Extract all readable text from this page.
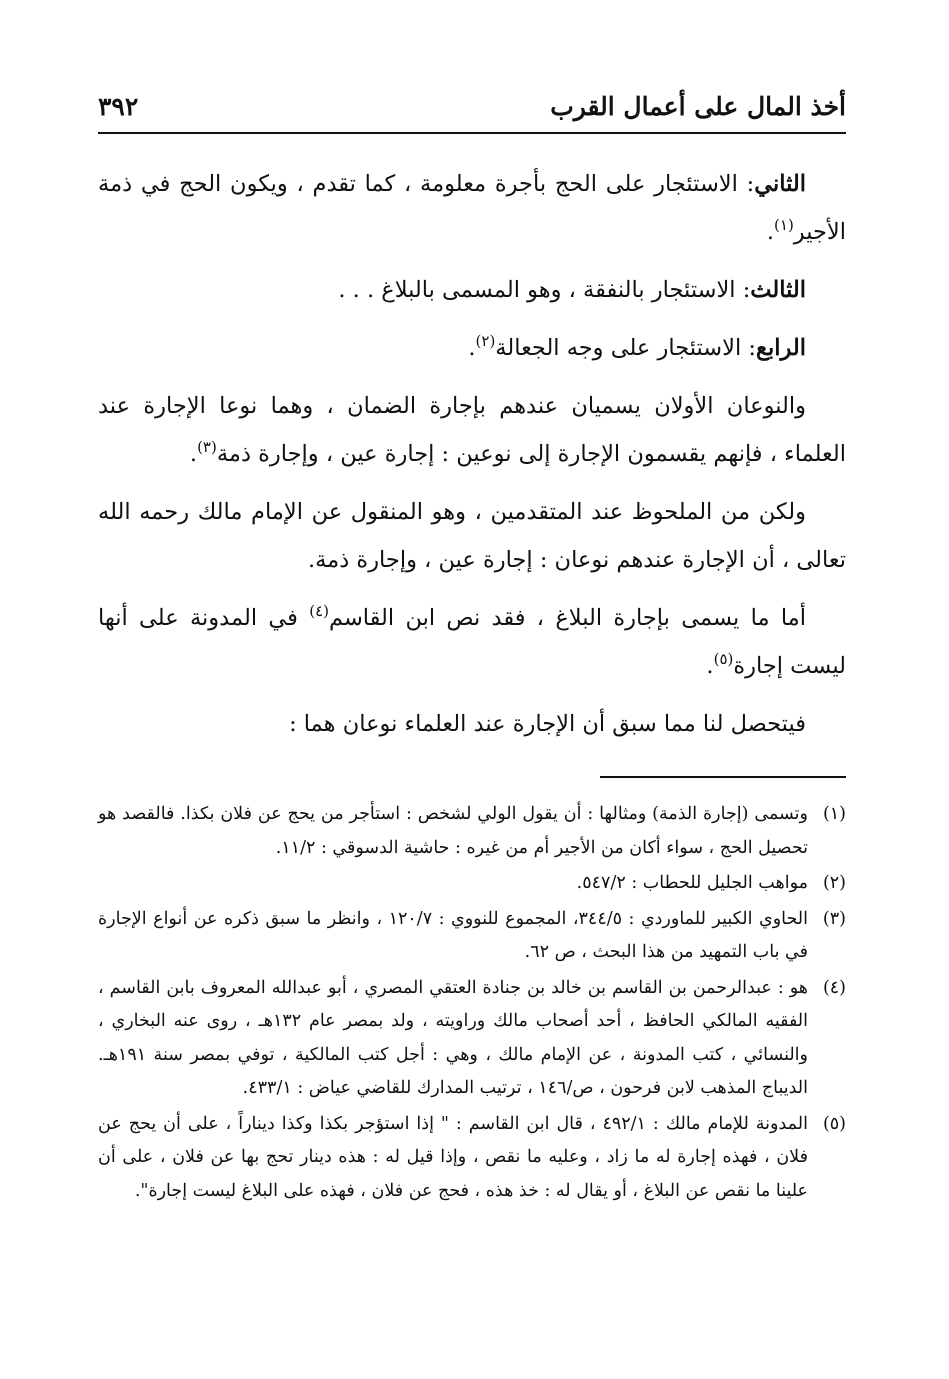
أخذ المال على أعمال القرب
٣٩٢

الثاني: الاستئجار على الحج بأجرة معلومة ، كما تقدم ، ويكون الحج في ذمة الأجير$^{(١)}$.

الثالث: الاستئجار بالنفقة ، وهو المسمى بالبلاغ . . .

الرابع: الاستئجار على وجه الجعالة$^{(٢)}$.

والنوعان الأولان يسميان عندهم بإجارة الضمان ، وهما نوعا الإجارة عند العلماء ، فإنهم يقسمون الإجارة إلى نوعين : إجارة عين ، وإجارة ذمة$^{(٣)}$.

ولكن من الملحوظ عند المتقدمين ، وهو المنقول عن الإمام مالك رحمه الله تعالى ، أن الإجارة عندهم نوعان : إجارة عين ، وإجارة ذمة.

أما ما يسمى بإجارة البلاغ ، فقد نص ابن القاسم$^{(٤)}$ في المدونة على أنها ليست إجارة$^{(٥)}$.

فيتحصل لنا مما سبق أن الإجارة عند العلماء نوعان هما :

(١)وتسمى (إجارة الذمة) ومثالها : أن يقول الولي لشخص : استأجر من يحج عن فلان بكذا. فالقصد هو تحصيل الحج ، سواء أكان من الأجير أم من غيره : حاشية الدسوقي : ١١/٢.

(٢)مواهب الجليل للحطاب : ٥٤٧/٢.

(٣)الحاوي الكبير للماوردي : ٣٤٤/٥، المجموع للنووي : ١٢٠/٧ ، وانظر ما سبق ذكره عن أنواع الإجارة في باب التمهيد من هذا البحث ، ص ٦٢.

(٤)هو : عبدالرحمن بن القاسم بن خالد بن جنادة العتقي المصري ، أبو عبدالله المعروف بابن القاسم ، الفقيه المالكي الحافظ ، أحد أصحاب مالك وراويته ، ولد بمصر عام ١٣٢هـ ، روى عنه البخاري ، والنسائي ، كتب المدونة ، عن الإمام مالك ، وهي : أجل كتب المالكية ، توفي بمصر سنة ١٩١هـ. الديباج المذهب لابن فرحون ، ص/١٤٦ ، ترتيب المدارك للقاضي عياض : ٤٣٣/١.

(٥)المدونة للإمام مالك : ٤٩٢/١ ، قال ابن القاسم : " إذا استؤجر بكذا وكذا ديناراً ، على أن يحج عن فلان ، فهذه إجارة له ما زاد ، وعليه ما نقص ، وإذا قيل له : هذه دينار تحج بها عن فلان ، على أن علينا ما نقص عن البلاغ ، أو يقال له : خذ هذه ، فحج عن فلان ، فهذه على البلاغ ليست إجارة".
